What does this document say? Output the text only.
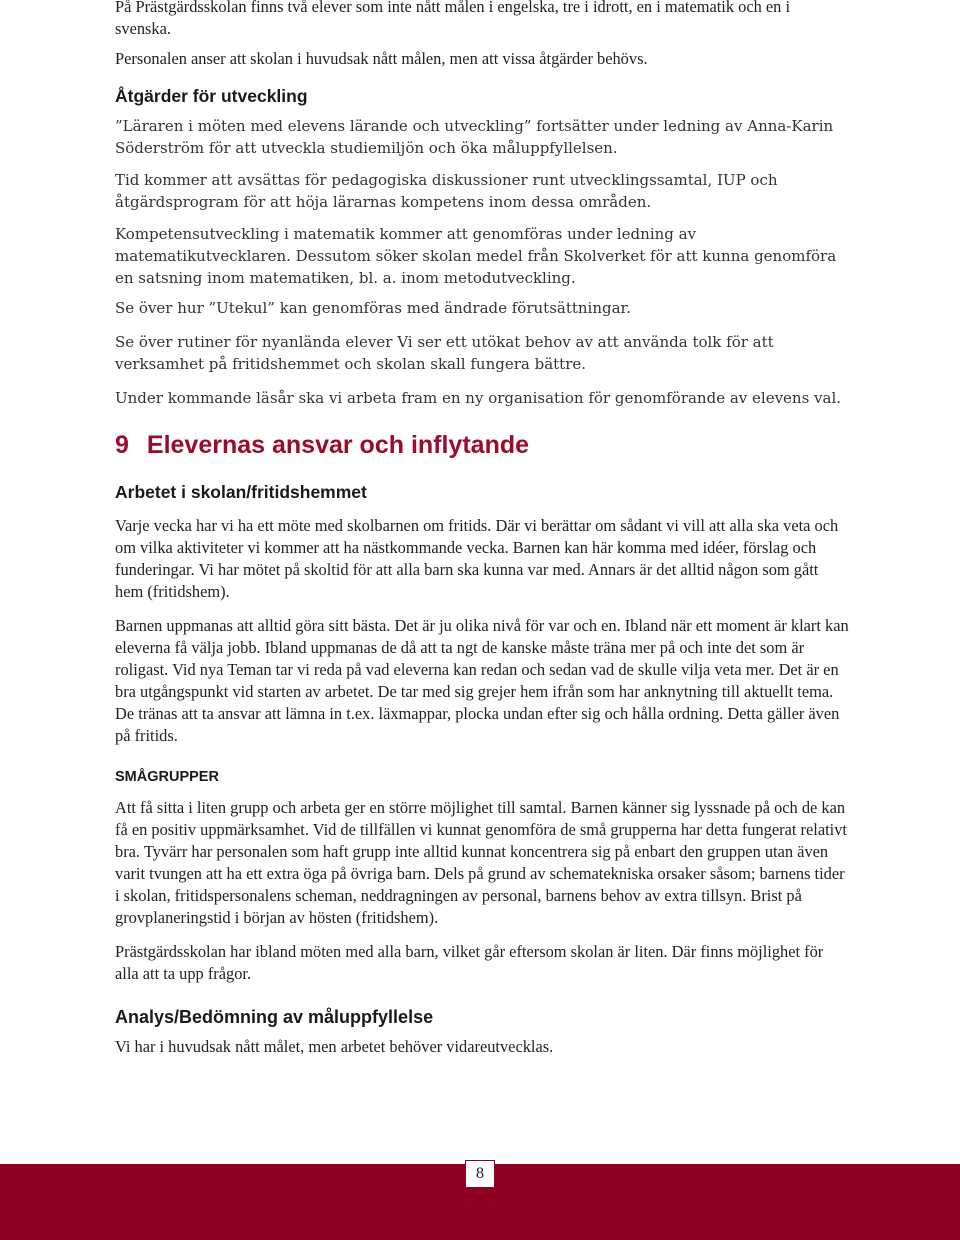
På Prästgärdsskolan finns två elever som inte nått målen i engelska, tre i idrott, en i matematik och en i svenska.

Personalen anser att skolan i huvudsak nått målen, men att vissa åtgärder behövs.

Åtgärder för utveckling

”Läraren i möten med elevens lärande och utveckling” fortsätter under ledning av Anna-Karin Söderström för att utveckla studiemiljön och öka måluppfyllelsen.

Tid kommer att avsättas för pedagogiska diskussioner runt utvecklingssamtal, IUP och åtgärdsprogram för att höja lärarnas kompetens inom dessa områden.

Kompetensutveckling i matematik kommer att genomföras under ledning av matematikutvecklaren. Dessutom söker skolan medel från Skolverket för att kunna genomföra en satsning inom matematiken, bl. a. inom metodutveckling.

Se över hur ”Utekul” kan genomföras med ändrade förutsättningar.

Se över rutiner för nyanlända elever Vi ser ett utökat behov av att använda tolk för att verksamhet på fritidshemmet och skolan skall fungera bättre.

Under kommande läsår ska vi arbeta fram en ny organisation för genomförande av elevens val.

9 Elevernas ansvar och inflytande
Arbetet i skolan/fritidshemmet

Varje vecka har vi ha ett möte med skolbarnen om fritids. Där vi berättar om sådant vi vill att alla ska veta och om vilka aktiviteter vi kommer att ha nästkommande vecka. Barnen kan här komma med idéer, förslag och funderingar. Vi har mötet på skoltid för att alla barn ska kunna var med. Annars är det alltid någon som gått hem (fritidshem).

Barnen uppmanas att alltid göra sitt bästa. Det är ju olika nivå för var och en. Ibland när ett moment är klart kan eleverna få välja jobb. Ibland uppmanas de då att ta ngt de kanske måste träna mer på och inte det som är roligast. Vid nya Teman tar vi reda på vad eleverna kan redan och sedan vad de skulle vilja veta mer. Det är en bra utgångspunkt vid starten av arbetet. De tar med sig grejer hem ifrån som har anknytning till aktuellt tema. De tränas att ta ansvar att lämna in t.ex. läxmappar, plocka undan efter sig och hålla ordning. Detta gäller även på fritids.

SMÅGRUPPER

Att få sitta i liten grupp och arbeta ger en större möjlighet till samtal. Barnen känner sig lyssnade på och de kan få en positiv uppmärksamhet. Vid de tillfällen vi kunnat genomföra de små grupperna har detta fungerat relativt bra. Tyvärr har personalen som haft grupp inte alltid kunnat koncentrera sig på enbart den gruppen utan även varit tvungen att ha ett extra öga på övriga barn. Dels på grund av schematekniska orsaker såsom; barnens tider i skolan, fritidspersonalens scheman, neddragningen av personal, barnens behov av extra tillsyn. Brist på grovplaneringstid i början av hösten (fritidshem).

Prästgärdsskolan har ibland möten med alla barn, vilket går eftersom skolan är liten. Där finns möjlighet för alla att ta upp frågor.

Analys/Bedömning av måluppfyllelse

Vi har i huvudsak nått målet, men arbetet behöver vidareutvecklas.

8
